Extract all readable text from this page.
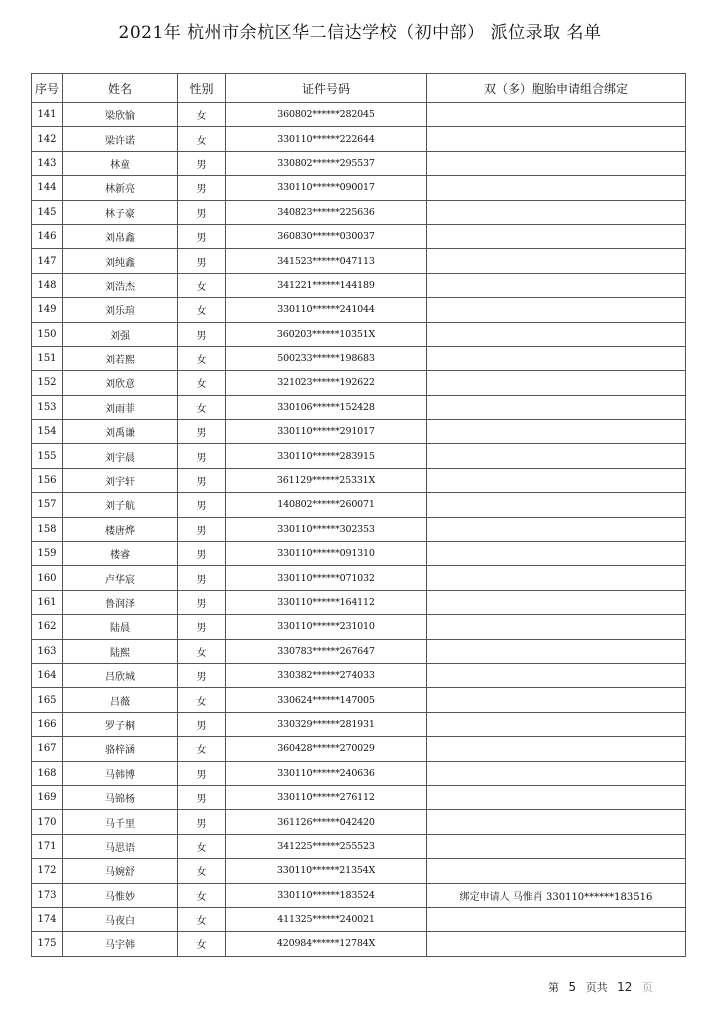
2021年 杭州市余杭区华二信达学校（初中部） 派位录取 名单
序号	姓名	性别	证件号码	双（多）胞胎申请组合绑定
141	梁欣愉	女	360802******282045	
142	梁许诺	女	330110******222644	
143	林童	男	330802******295537	
144	林新亮	男	330110******090017	
145	林子豪	男	340823******225636	
146	刘帛鑫	男	360830******030037	
147	刘纯鑫	男	341523******047113	
148	刘浩杰	女	341221******144189	
149	刘乐瑄	女	330110******241044	
150	刘强	男	360203******10351X	
151	刘若熙	女	500233******198683	
152	刘欣意	女	321023******192622	
153	刘雨菲	女	330106******152428	
154	刘禹谦	男	330110******291017	
155	刘宇晨	男	330110******283915	
156	刘宇轩	男	361129******25331X	
157	刘子航	男	140802******260071	
158	楼唐烨	男	330110******302353	
159	楼睿	男	330110******091310	
160	卢华宸	男	330110******071032	
161	鲁润泽	男	330110******164112	
162	陆晨	男	330110******231010	
163	陆熙	女	330783******267647	
164	吕欣城	男	330382******274033	
165	吕薇	女	330624******147005	
166	罗子桐	男	330329******281931	
167	骆梓涵	女	360428******270029	
168	马韩博	男	330110******240636	
169	马锦杨	男	330110******276112	
170	马千里	男	361126******042420	
171	马思语	女	341225******255523	
172	马婉舒	女	330110******21354X	
173	马惟妙	女	330110******183524	绑定申请人 马惟肖 330110******183516
174	马夜白	女	411325******240021	
175	马宇韩	女	420984******12784X	
第 5 页共 12 页
